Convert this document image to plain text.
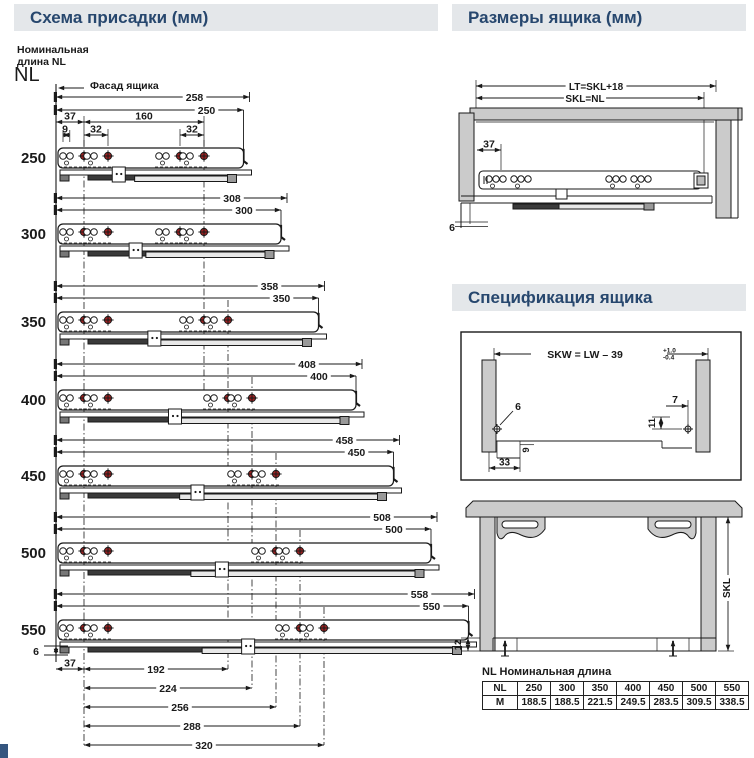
Схема присадки (мм)	Размеры ящика (мм)
Спецификация ящика
Номинальная
длина NL
NL	Фасад ящика
258
250
250
308
300
300
358
350
350
408
400
400
458
450
450
508
500
500
558
550
550
37	160
9 32	32
6
37
192
224
256
288
320
LT=SKL+18
SKL=NL
37
6
SKW = LW – 39	+1.0
-0.4
6
9
33
7
11
SKL
12
NL Номинальная длина
NL	250	300	350	400	450	500	550
М	188.5	188.5	221.5	249.5	283.5	309.5	338.5
